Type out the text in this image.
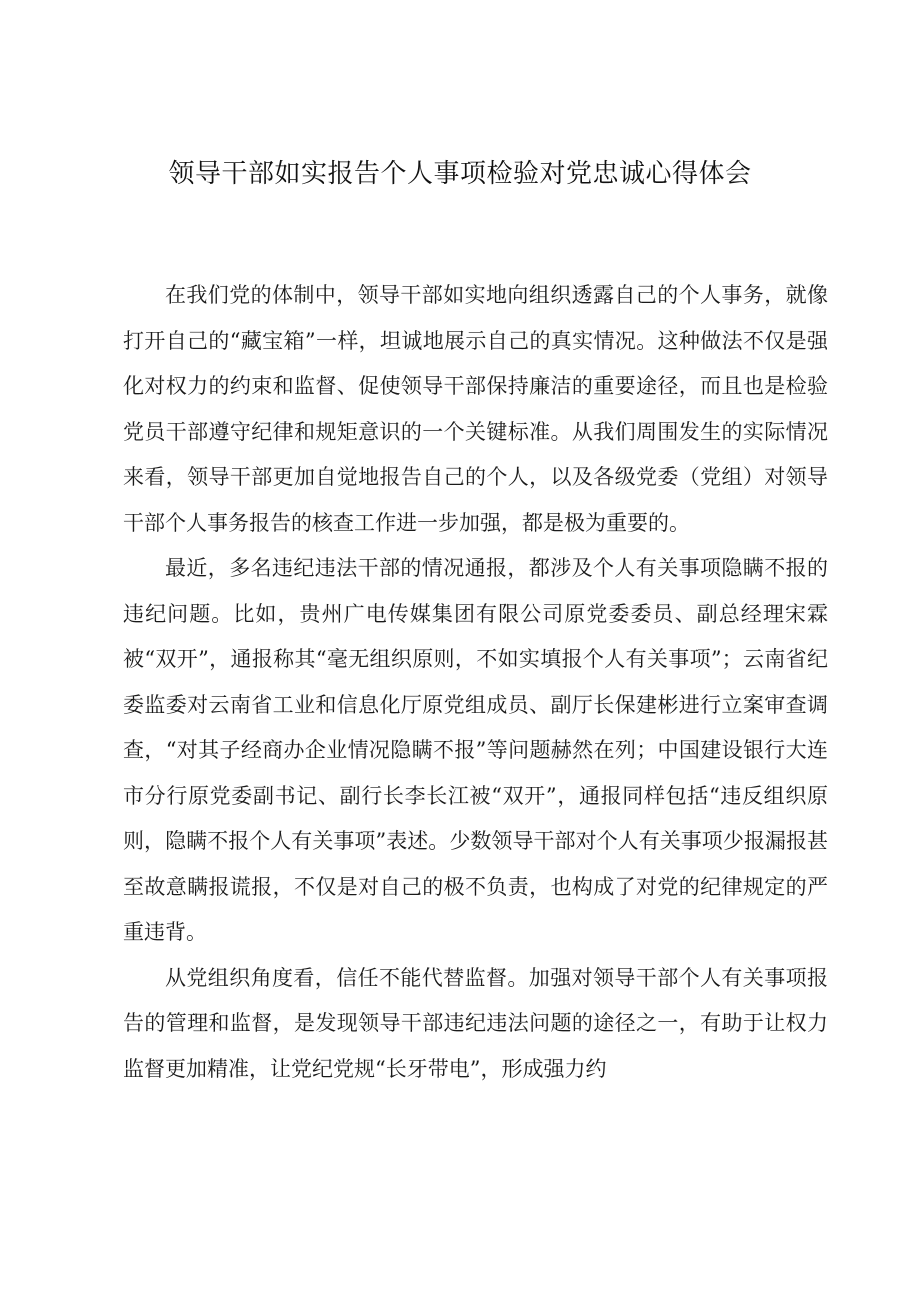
领导干部如实报告个人事项检验对党忠诚心得体会

在我们党的体制中，领导干部如实地向组织透露自己的个人事务，就像打开自己的“藏宝箱”一样，坦诚地展示自己的真实情况。这种做法不仅是强化对权力的约束和监督、促使领导干部保持廉洁的重要途径，而且也是检验党员干部遵守纪律和规矩意识的一个关键标准。从我们周围发生的实际情况来看，领导干部更加自觉地报告自己的个人，以及各级党委（党组）对领导干部个人事务报告的核查工作进一步加强，都是极为重要的。

最近，多名违纪违法干部的情况通报，都涉及个人有关事项隐瞒不报的违纪问题。比如，贵州广电传媒集团有限公司原党委委员、副总经理宋霖被“双开”，通报称其“毫无组织原则，不如实填报个人有关事项”；云南省纪委监委对云南省工业和信息化厅原党组成员、副厅长保建彬进行立案审查调查，“对其子经商办企业情况隐瞒不报”等问题赫然在列；中国建设银行大连市分行原党委副书记、副行长李长江被“双开”，通报同样包括“违反组织原则，隐瞒不报个人有关事项”表述。少数领导干部对个人有关事项少报漏报甚至故意瞒报谎报，不仅是对自己的极不负责，也构成了对党的纪律规定的严重违背。

从党组织角度看，信任不能代替监督。加强对领导干部个人有关事项报告的管理和监督，是发现领导干部违纪违法问题的途径之一，有助于让权力监督更加精准，让党纪党规“长牙带电”，形成强力约
